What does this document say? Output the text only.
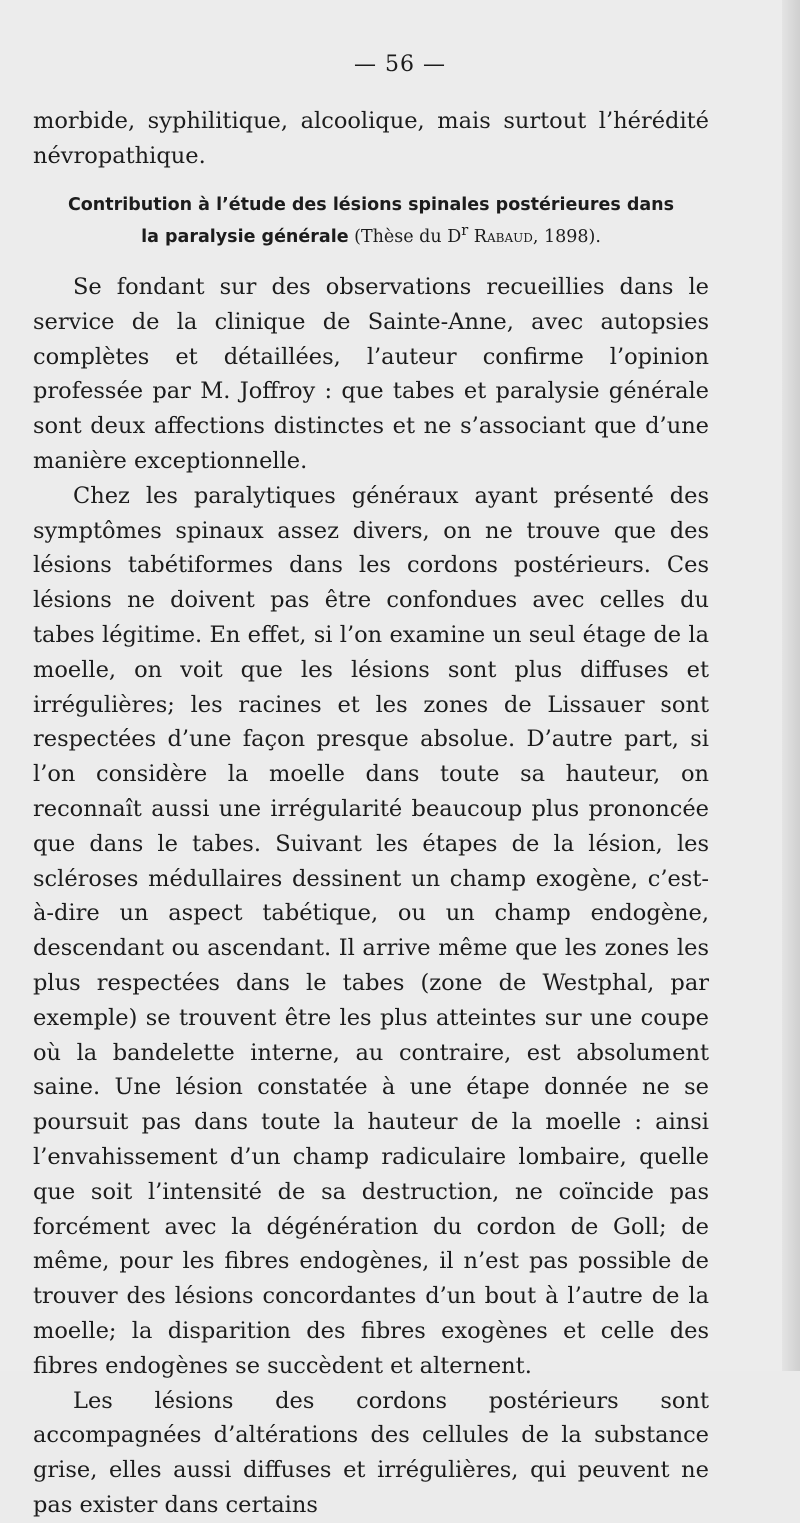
— 56 —

morbide, syphilitique, alcoolique, mais surtout l’hérédité névropathique.

Contribution à l’étude des lésions spinales postérieures dans la paralysie générale (Thèse du $D^r$ Rabaud, 1898).

Se fondant sur des observations recueillies dans le service de la clinique de Sainte-Anne, avec autopsies complètes et détaillées, l’auteur confirme l’opinion professée par M. Joffroy : que tabes et paralysie générale sont deux affections distinctes et ne s’associant que d’une manière exceptionnelle.

Chez les paralytiques généraux ayant présenté des symptômes spinaux assez divers, on ne trouve que des lésions tabétiformes dans les cordons postérieurs. Ces lésions ne doivent pas être confondues avec celles du tabes légitime. En effet, si l’on examine un seul étage de la moelle, on voit que les lésions sont plus diffuses et irrégulières; les racines et les zones de Lissauer sont respectées d’une façon presque absolue. D’autre part, si l’on considère la moelle dans toute sa hauteur, on reconnaît aussi une irrégularité beaucoup plus prononcée que dans le tabes. Suivant les étapes de la lésion, les scléroses médullaires dessinent un champ exogène, c’est-à-dire un aspect tabétique, ou un champ endogène, descendant ou ascendant. Il arrive même que les zones les plus respectées dans le tabes (zone de Westphal, par exemple) se trouvent être les plus atteintes sur une coupe où la bandelette interne, au contraire, est absolument saine. Une lésion constatée à une étape donnée ne se poursuit pas dans toute la hauteur de la moelle : ainsi l’envahissement d’un champ radiculaire lombaire, quelle que soit l’intensité de sa destruction, ne coïncide pas forcément avec la dégénération du cordon de Goll; de même, pour les fibres endogènes, il n’est pas possible de trouver des lésions concordantes d’un bout à l’autre de la moelle; la disparition des fibres exogènes et celle des fibres endogènes se succèdent et alternent.

Les lésions des cordons postérieurs sont accompagnées d’altérations des cellules de la substance grise, elles aussi diffuses et irrégulières, qui peuvent ne pas exister dans certains
